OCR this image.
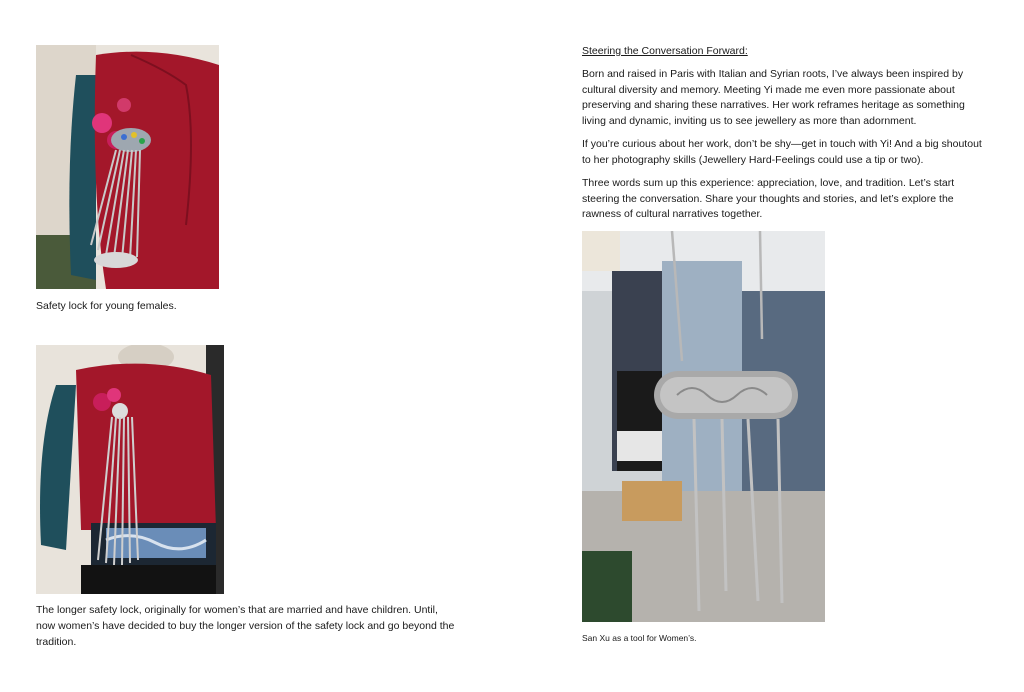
Safety lock for young females.
The longer safety lock, originally for women’s that are married and have children. Until, now women’s have decided to buy the longer version of the safety lock and go beyond the tradition.
Steering the Conversation Forward:

Born and raised in Paris with Italian and Syrian roots, I’ve always been inspired by cultural diversity and memory. Meeting Yi made me even more passionate about preserving and sharing these narratives. Her work reframes heritage as something living and dynamic, inviting us to see jewellery as more than adornment.

If you’re curious about her work, don’t be shy—get in touch with Yi! And a big shoutout to her photography skills (Jewellery Hard-Feelings could use a tip or two).

Three words sum up this experience: appreciation, love, and tradition. Let’s start steering the conversation. Share your thoughts and stories, and let’s explore the rawness of cultural narratives together.

San Xu as a tool for Women’s.
